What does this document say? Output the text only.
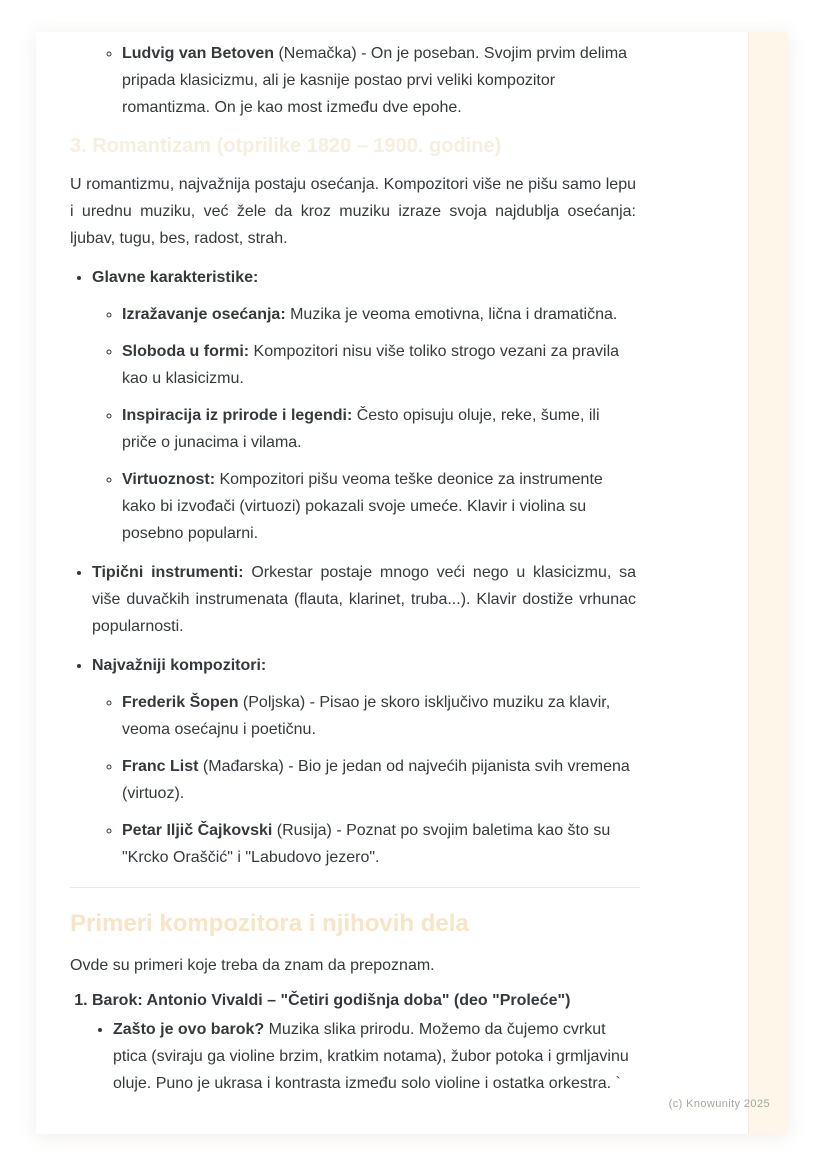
◦ Ludvig van Betoven (Nemačka) - On je poseban. Svojim prvim delima pripada klasicizmu, ali je kasnije postao prvi veliki kompozitor romantizma. On je kao most između dve epohe.
3. Romantizam (otprilike 1820 – 1900. godine)

U romantizmu, najvažnija postaju osećanja. Kompozitori više ne pišu samo lepu i urednu muziku, već žele da kroz muziku izraze svoja najdublja osećanja: ljubav, tugu, bes, radost, strah.

• Glavne karakteristike:
◦ Izražavanje osećanja: Muzika je veoma emotivna, lična i dramatična.
◦ Sloboda u formi: Kompozitori nisu više toliko strogo vezani za pravila kao u klasicizmu.
◦ Inspiracija iz prirode i legendi: Često opisuju oluje, reke, šume, ili priče o junacima i vilama.
◦ Virtuoznost: Kompozitori pišu veoma teške deonice za instrumente kako bi izvođači (virtuozi) pokazali svoje umeće. Klavir i violina su posebno popularni.
• Tipični instrumenti: Orkestar postaje mnogo veći nego u klasicizmu, sa više duvačkih instrumenata (flauta, klarinet, truba...). Klavir dostiže vrhunac popularnosti.
• Najvažniji kompozitori:
◦ Frederik Šopen (Poljska) - Pisao je skoro isključivo muziku za klavir, veoma osećajnu i poetičnu.
◦ Franc List (Mađarska) - Bio je jedan od najvećih pijanista svih vremena (virtuoz).
◦ Petar Iljič Čajkovski (Rusija) - Poznat po svojim baletima kao što su "Krcko Oraščić" i "Labudovo jezero".
Primeri kompozitora i njihovih dela

Ovde su primeri koje treba da znam da prepoznam.

1. Barok: Antonio Vivaldi – "Četiri godišnja doba" (deo "Proleće")
• Zašto je ovo barok? Muzika slika prirodu. Možemo da čujemo cvrkut ptica (sviraju ga violine brzim, kratkim notama), žubor potoka i grmljavinu oluje. Puno je ukrasa i kontrasta između solo violine i ostatka orkestra. `
(c) Knowunity 2025
